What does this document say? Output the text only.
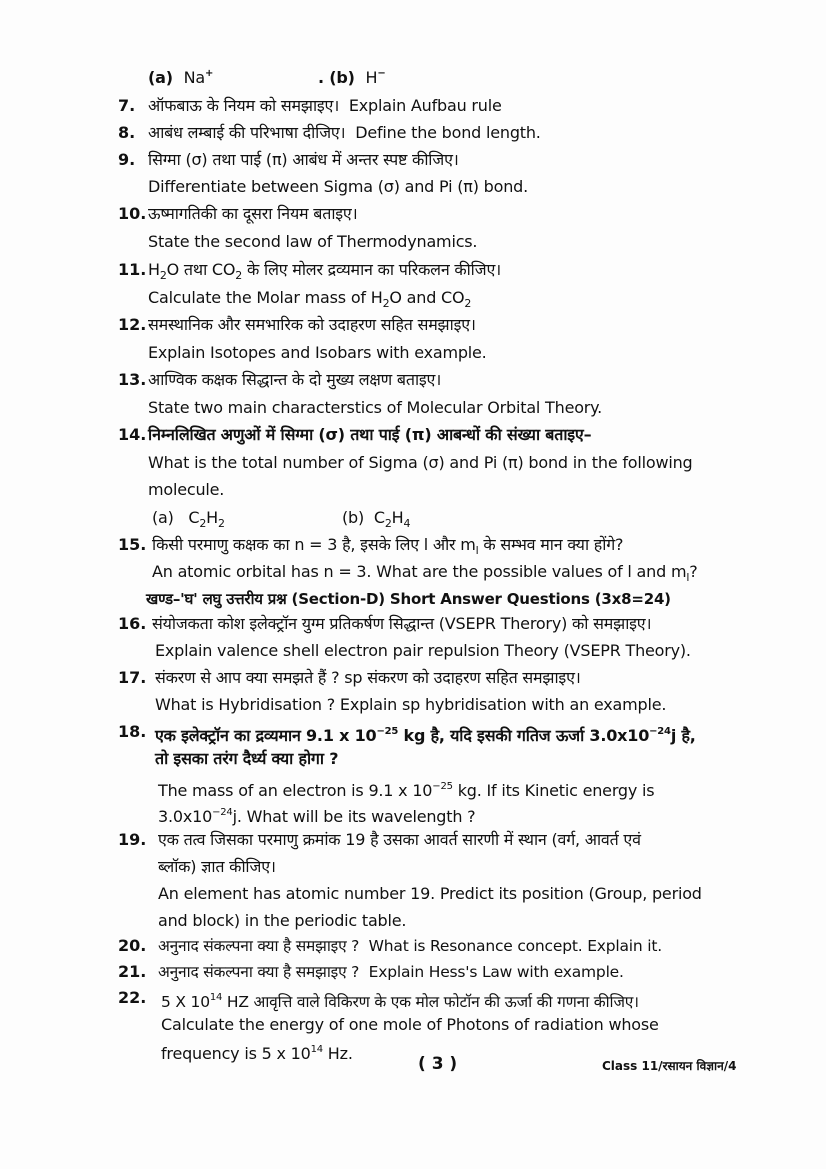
(a) Na+	. (b) H−
7. ऑफबाऊ के नियम को समझाइए। Explain Aufbau rule
8. आबंध लम्बाई की परिभाषा दीजिए। Define the bond length.
9. सिग्मा (σ) तथा पाई (π) आबंध में अन्तर स्पष्ट कीजिए।
Differentiate between Sigma (σ) and Pi (π) bond.
10. ऊष्मागतिकी का दूसरा नियम बताइए।
State the second law of Thermodynamics.
11. $H_2O$ तथा $CO_2$ के लिए मोलर द्रव्यमान का परिकलन कीजिए।
Calculate the Molar mass of $H_2O$ and $CO_2$
12. समस्थानिक और समभारिक को उदाहरण सहित समझाइए।
Explain Isotopes and Isobars with example.
13. आण्विक कक्षक सिद्धान्त के दो मुख्य लक्षण बताइए।
State two main characterstics of Molecular Orbital Theory.
14. निम्नलिखित अणुओं में सिग्मा (σ) तथा पाई (π) आबन्धों की संख्या बताइए–
What is the total number of Sigma (σ) and Pi (π) bond in the following
molecule.
(a) $C_2H_2$	(b) $C_2H_4$
15. किसी परमाणु कक्षक का n = 3 है, इसके लिए l और $m_l$ के सम्भव मान क्या होंगे?
An atomic orbital has n = 3. What are the possible values of l and $m_l$?
खण्ड–'घ' लघु उत्तरीय प्रश्न (Section-D) Short Answer Questions (3x8=24)
16. संयोजकता कोश इलेक्ट्रॉन युग्म प्रतिकर्षण सिद्धान्त (VSEPR Therory) को समझाइए।
Explain valence shell electron pair repulsion Theory (VSEPR Theory).
17. संकरण से आप क्या समझते हैं ? sp संकरण को उदाहरण सहित समझाइए।
What is Hybridisation ? Explain sp hybridisation with an example.
18. एक इलेक्ट्रॉन का द्रव्यमान 9.1 x $10^{-25}$ kg है, यदि इसकी गतिज ऊर्जा $3.0x10^{-24}j$ है,
तो इसका तरंग दैर्ध्य क्या होगा ?
The mass of an electron is 9.1 x $10^{-25}$ kg. If its Kinetic energy is
$3.0x10^{-24}j$. What will be its wavelength ?
19. एक तत्व जिसका परमाणु क्रमांक 19 है उसका आवर्त सारणी में स्थान (वर्ग, आवर्त एवं
ब्लॉक) ज्ञात कीजिए।
An element has atomic number 19. Predict its position (Group, period
and block) in the periodic table.
20. अनुनाद संकल्पना क्या है समझाइए ? What is Resonance concept. Explain it.
21. अनुनाद संकल्पना क्या है समझाइए ? Explain Hess's Law with example.
22. 5 X $10^{14}$ HZ आवृत्ति वाले विकिरण के एक मोल फोटॉन की ऊर्जा की गणना कीजिए।
Calculate the energy of one mole of Photons of radiation whose
frequency is 5 x $10^{14}$ Hz.
( 3 )	Class 11/रसायन विज्ञान/4
